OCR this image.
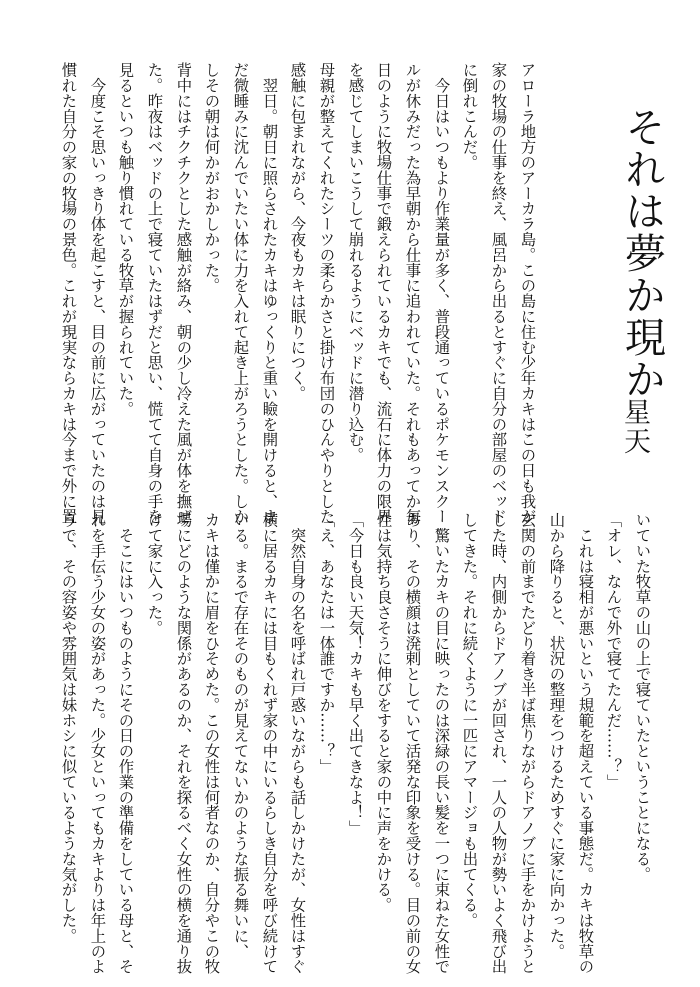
それは夢か現か
星天
アローラ地方のアーカラ島。この島に住む少年カキはこの日も我が
家の牧場の仕事を終え、風呂から出るとすぐに自分の部屋のベッド
に倒れこんだ。
　今日はいつもより作業量が多く、普段通っているポケモンスクー
ルが休みだった為早朝から仕事に追われていた。それもあってか毎
日のように牧場仕事で鍛えられているカキでも、流石に体力の限界
を感じてしまいこうして崩れるようにベッドに潜り込む。
母親が整えてくれたシーツの柔らかさと掛け布団のひんやりとした
感触に包まれながら、今夜もカキは眠りにつく。
　翌日。朝日に照らされたカキはゆっくりと重い瞼を開けると、ま
だ微睡みに沈んでいたい体に力を入れて起き上がろうとした。しか
しその朝は何かがおかしかった。
背中にはチクチクとした感触が絡み、朝の少し冷えた風が体を撫ぜ
た。昨夜はベッドの上で寝ていたはずだと思い、慌てて自身の手を
見るといつも触り慣れている牧草が握られていた。
　今度こそ思いっきり体を起こすと、目の前に広がっていたのは見
慣れた自分の家の牧場の景色。これが現実ならカキは今まで外に置
いていた牧草の山の上で寝ていたということになる。
「オレ、なんで外で寝てたんだ……？」
　これは寝相が悪いという規範を超えている事態だ。カキは牧草の
山から降りると、状況の整理をつけるためすぐに家に向かった。
玄関の前までたどり着き半ば焦りながらドアノブに手をかけようと
した時、内側からドアノブが回され、一人の人物が勢いよく飛び出
してきた。それに続くように一匹にアマージョも出てくる。
　驚いたカキの目に映ったのは深緑の長い髪を一つに束ねた女性で
あり、その横顔は溌剌としていて活発な印象を受ける。目の前の女
性は気持ち良さそうに伸びをすると家の中に声をかける。
「今日も良い天気！カキも早く出てきなよ！」
「え、あなたは一体誰ですか……？」
　突然自身の名を呼ばれ戸惑いながらも話しかけたが、女性はすぐ
横に居るカキには目もくれず家の中にいるらしき自分を呼び続けて
いる。まるで存在そのものが見えてないかのような振る舞いに、
カキは僅かに眉をひそめた。この女性は何者なのか、自分やこの牧
場にどのような関係があるのか、それを探るべく女性の横を通り抜
けて家に入った。
　そこにはいつものようにその日の作業の準備をしている母と、そ
れを手伝う少女の姿があった。少女といってもカキよりは年上のよ
うで、その容姿や雰囲気は妹ホシに似ているような気がした。
